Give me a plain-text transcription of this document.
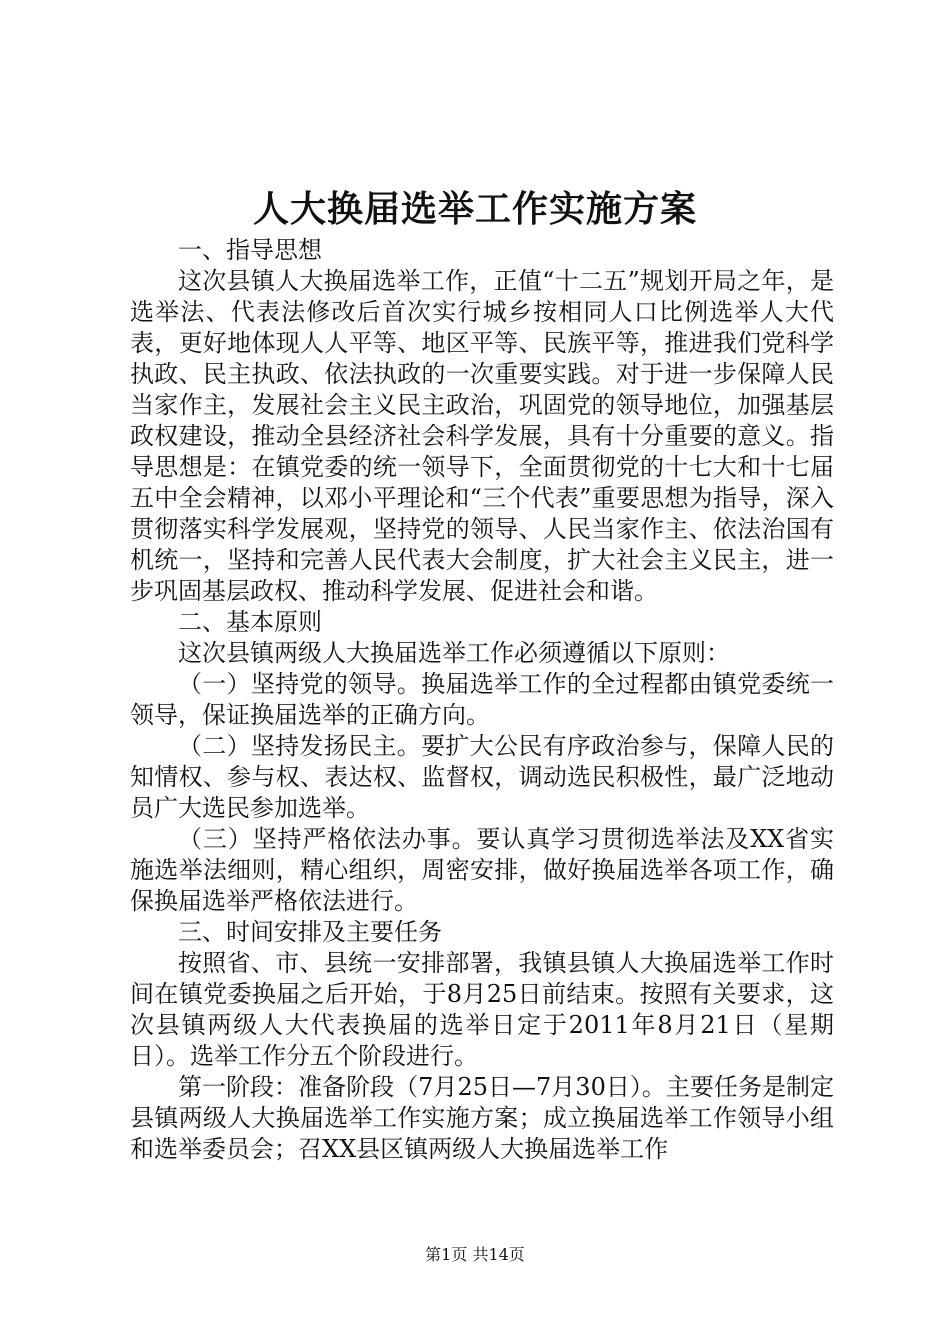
人大换届选举工作实施方案

一、指导思想

这次县镇人大换届选举工作，正值“十二五”规划开局之年，是选举法、代表法修改后首次实行城乡按相同人口比例选举人大代表，更好地体现人人平等、地区平等、民族平等，推进我们党科学执政、民主执政、依法执政的一次重要实践。对于进一步保障人民当家作主，发展社会主义民主政治，巩固党的领导地位，加强基层政权建设，推动全县经济社会科学发展，具有十分重要的意义。指导思想是：在镇党委的统一领导下，全面贯彻党的十七大和十七届五中全会精神，以邓小平理论和“三个代表”重要思想为指导，深入贯彻落实科学发展观，坚持党的领导、人民当家作主、依法治国有机统一，坚持和完善人民代表大会制度，扩大社会主义民主，进一步巩固基层政权、推动科学发展、促进社会和谐。

二、基本原则

这次县镇两级人大换届选举工作必须遵循以下原则：

（一）坚持党的领导。换届选举工作的全过程都由镇党委统一领导，保证换届选举的正确方向。

（二）坚持发扬民主。要扩大公民有序政治参与，保障人民的知情权、参与权、表达权、监督权，调动选民积极性，最广泛地动员广大选民参加选举。

（三）坚持严格依法办事。要认真学习贯彻选举法及XX省实施选举法细则，精心组织，周密安排，做好换届选举各项工作，确保换届选举严格依法进行。

三、时间安排及主要任务

按照省、市、县统一安排部署，我镇县镇人大换届选举工作时间在镇党委换届之后开始，于8月25日前结束。按照有关要求，这次县镇两级人大代表换届的选举日定于2011年8月21日（星期日）。选举工作分五个阶段进行。

第一阶段：准备阶段（7月25日—7月30日）。主要任务是制定县镇两级人大换届选举工作实施方案；成立换届选举工作领导小组和选举委员会；召XX县区镇两级人大换届选举工作

第1页 共14页
